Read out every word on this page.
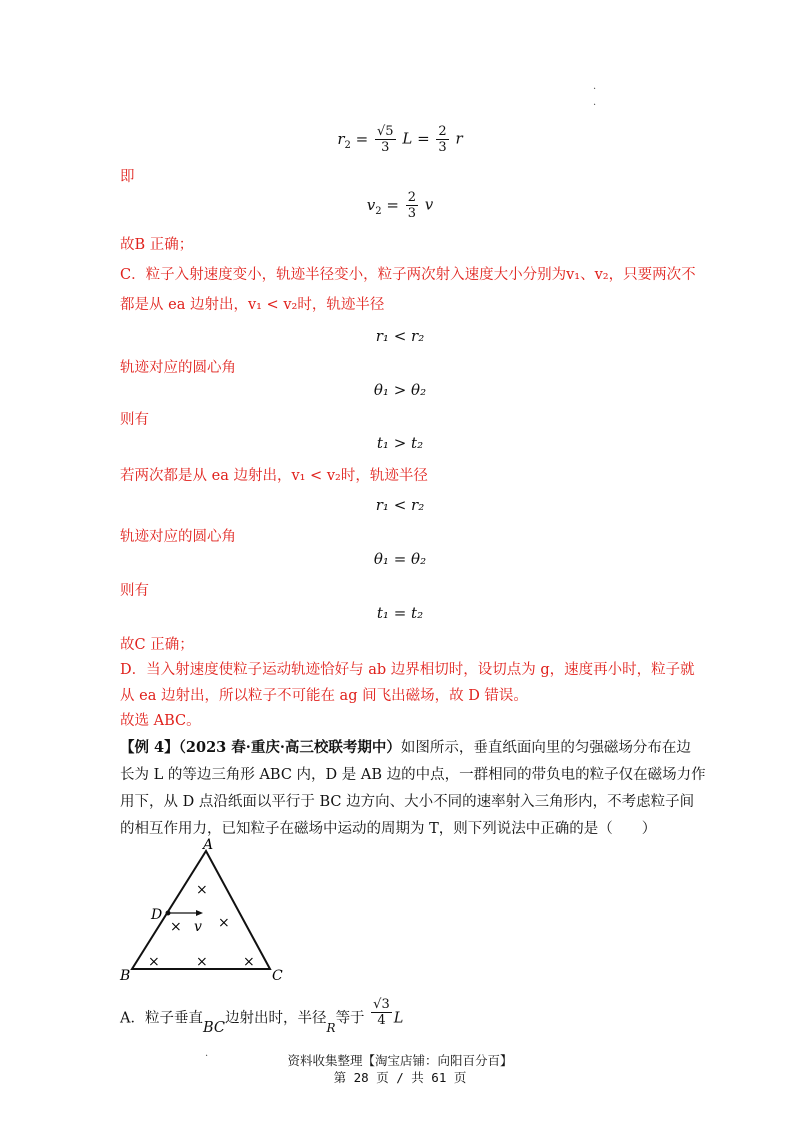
·
·
$r_2 = \frac{√5}{3}$ $L = \frac{2}{3}$ r
即
$v_2 = \frac{2}{3}$ v
故B 正确；
C．粒子入射速度变小，轨迹半径变小，粒子两次射入速度大小分别为v₁、v₂，只要两次不
都是从 ea 边射出，v₁ < v₂时，轨迹半径
r₁ < r₂
轨迹对应的圆心角
θ₁ > θ₂
则有
t₁ > t₂
若两次都是从 ea 边射出，v₁ < v₂时，轨迹半径
r₁ < r₂
轨迹对应的圆心角
θ₁ = θ₂
则有
t₁ = t₂
故C 正确；
D．当入射速度使粒子运动轨迹恰好与 ab 边界相切时，设切点为 g，速度再小时，粒子就
从 ea 边射出，所以粒子不可能在 ag 间飞出磁场，故 D 错误。
故选 ABC。
【例 4】（2023 春·重庆·高三校联考期中）如图所示，垂直纸面向里的匀强磁场分布在边
长为 L 的等边三角形 ABC 内，D 是 AB 边的中点，一群相同的带负电的粒子仅在磁场力作
用下，从 D 点沿纸面以平行于 BC 边方向、大小不同的速率射入三角形内，不考虑粒子间
的相互作用力，已知粒子在磁场中运动的周期为 T，则下列说法中正确的是（　　）
A
B	C
D
v
×
×	×
×	×	×
A．粒子垂直BC边射出时，半径$_R$等于 $\frac{√3}{4}$ L
·	资料收集整理【淘宝店铺：向阳百分百】
第 28 页 / 共 61 页
